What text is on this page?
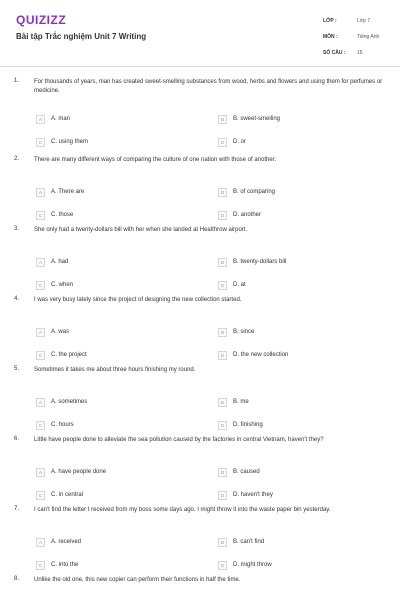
QUIZIZZ
Bài tập Trắc nghiệm Unit 7 Writing
LỚP :	Lớp 7
MÔN :	Tiếng Anh
SỐ CÂU :	15
1. For thousands of years, man has created sweet-smelling substances from wood, herbs and flowers and using them for perfumes or medicine.
A	A. man	B	B. sweet-smelling
C	C. using them	D	D. or
2. There are many different ways of comparing the culture of one nation with those of another.
A	A. There are	B	B. of comparing
C	C. those	D	D. another
3. She only had a twenty-dollars bill with her when she landed at Healthrow airport.
A	A. had	B	B. twenty-dollars bill
C	C. when	D	D. at
4. I was very busy lately since the project of designing the new collection started.
A	A. was	B	B. since
C	C. the project	D	D. the new collection
5. Sometimes it takes me about three hours finishing my round.
A	A. sometimes	B	B. me
C	C. hours	D	D. finishing
6. Little have people done to alleviate the sea pollution caused by the factories in central Vietnam, haven't they?
A	A. have people done	B	B. caused
C	C. in central	D	D. haven't they
7. I can't find the letter I received from my boss some days ago. I might throw it into the waste paper bin yesterday.
A	A. received	B	B. can't find
C	C. into the	D	D. might throw
8. Unlike the old one, this new copier can perform their functions in half the time.
